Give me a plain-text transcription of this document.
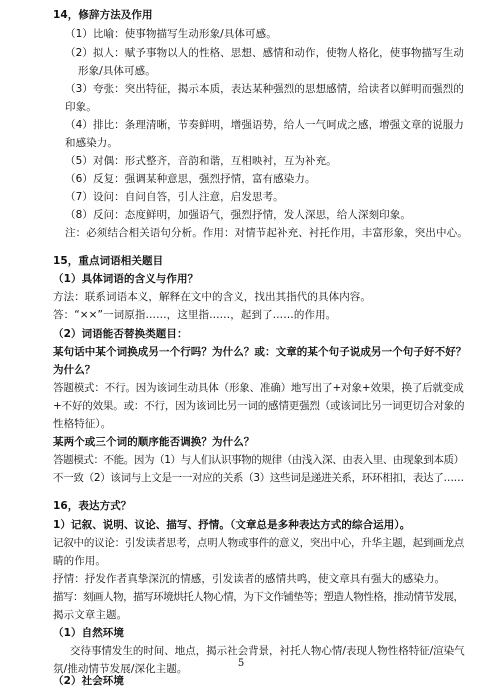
14，修辞方法及作用
（1）比喻：使事物描写生动形象/具体可感。
（2）拟人：赋予事物以人的性格、思想、感情和动作，使物人格化，使事物描写生动
形象/具体可感。
（3）夸张：突出特征，揭示本质，表达某种强烈的思想感情，给读者以鲜明而强烈的
印象。
（4）排比：条理清晰，节奏鲜明，增强语势，给人一气呵成之感，增强文章的说服力
和感染力。
（5）对偶：形式整齐，音韵和谐，互相映衬，互为补充。
（6）反复：强调某种意思，强烈抒情，富有感染力。
（7）设问：自问自答，引人注意，启发思考。
（8）反问：态度鲜明，加强语气，强烈抒情，发人深思，给人深刻印象。
注：必须结合相关语句分析。作用：对情节起补充、衬托作用，丰富形象，突出中心。
15，重点词语相关题目
（1）具体词语的含义与作用？
方法：联系词语本义，解释在文中的含义，找出其指代的具体内容。
答：“××”一词原指……，这里指……，起到了……的作用。
（2）词语能否替换类题目：
某句话中某个词换成另一个行吗？为什么？或：文章的某个句子说成另一个句子好不好？
为什么？
答题模式：不行。因为该词生动具体（形象、准确）地写出了+对象+效果，换了后就变成
+不好的效果。或：不行，因为该词比另一词的感情更强烈（或该词比另一词更切合对象的
性格特征）。
某两个或三个词的顺序能否调换？为什么？
答题模式：不能。因为（1）与人们认识事物的规律（由浅入深、由表入里、由现象到本质）
不一致（2）该词与上文是一一对应的关系（3）这些词是递进关系，环环相扣，表达了……
16，表达方式？
1）记叙、说明、议论、描写、抒情。（文章总是多种表达方式的综合运用）。
记叙中的议论：引发读者思考，点明人物或事件的意义，突出中心，升华主题，起到画龙点
睛的作用。
抒情：抒发作者真挚深沉的情感，引发读者的感情共鸣，使文章具有强大的感染力。
描写：刻画人物，描写环境烘托人物心情，为下文作铺垫等；塑造人物性格，推动情节发展，
揭示文章主题。
（1）自然环境
交待事情发生的时间、地点，揭示社会背景，衬托人物心情/表现人物性格特征/渲染气
氛/推动情节发展/深化主题。
（2）社会环境
5
